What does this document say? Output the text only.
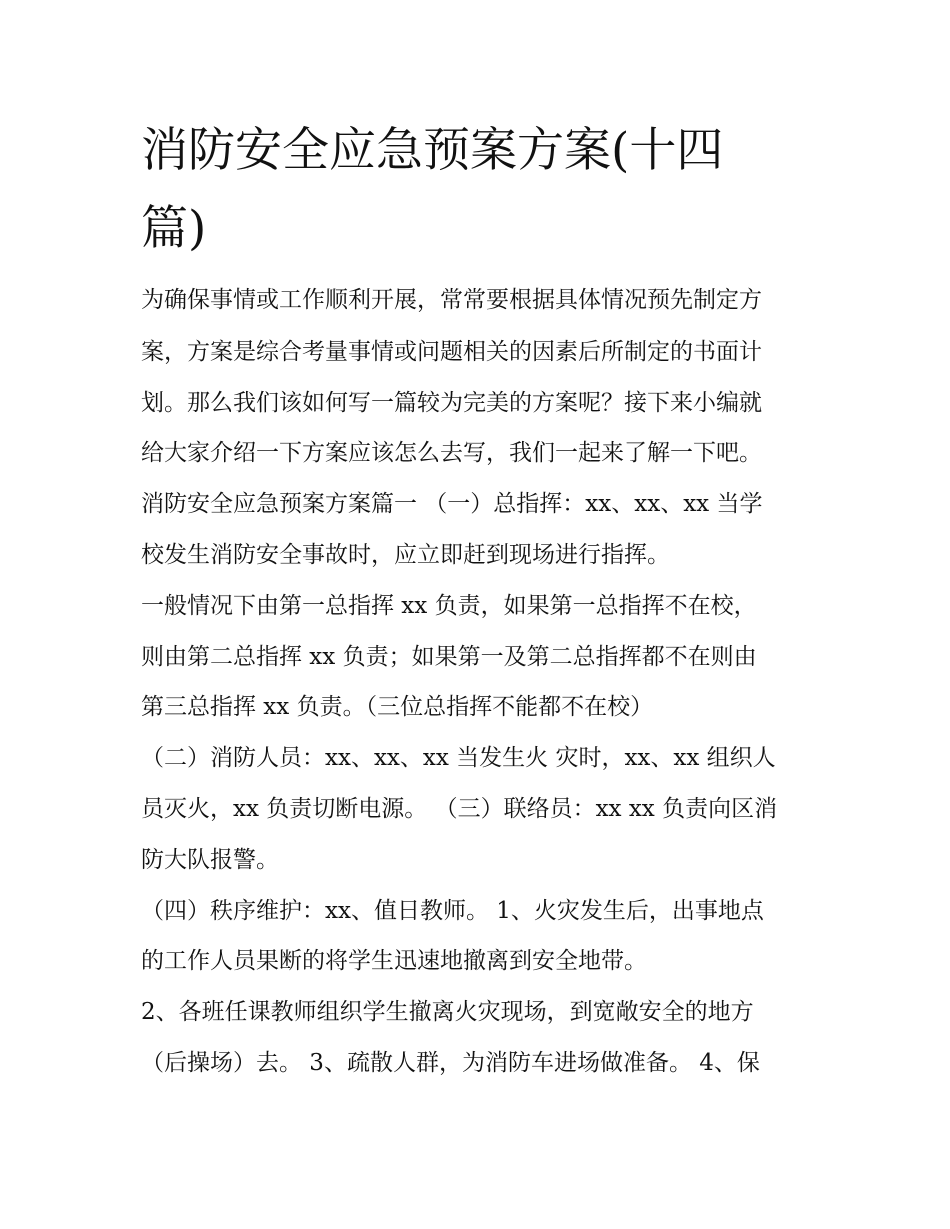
消防安全应急预案方案(十四
篇)

为确保事情或工作顺利开展，常常要根据具体情况预先制定方

案，方案是综合考量事情或问题相关的因素后所制定的书面计

划。那么我们该如何写一篇较为完美的方案呢？接下来小编就

给大家介绍一下方案应该怎么去写，我们一起来了解一下吧。

消防安全应急预案方案篇一 （一）总指挥：xx、xx、xx 当学

校发生消防安全事故时，应立即赶到现场进行指挥。

一般情况下由第一总指挥 xx 负责，如果第一总指挥不在校，

则由第二总指挥 xx 负责；如果第一及第二总指挥都不在则由

第三总指挥 xx 负责。（三位总指挥不能都不在校）

（二）消防人员：xx、xx、xx 当发生火 灾时，xx、xx 组织人

员灭火，xx 负责切断电源。 （三）联络员：xx xx 负责向区消

防大队报警。

（四）秩序维护：xx、值日教师。 1、火灾发生后，出事地点

的工作人员果断的将学生迅速地撤离到安全地带。

2、各班任课教师组织学生撤离火灾现场，到宽敞安全的地方

（后操场）去。 3、疏散人群，为消防车进场做准备。 4、保
